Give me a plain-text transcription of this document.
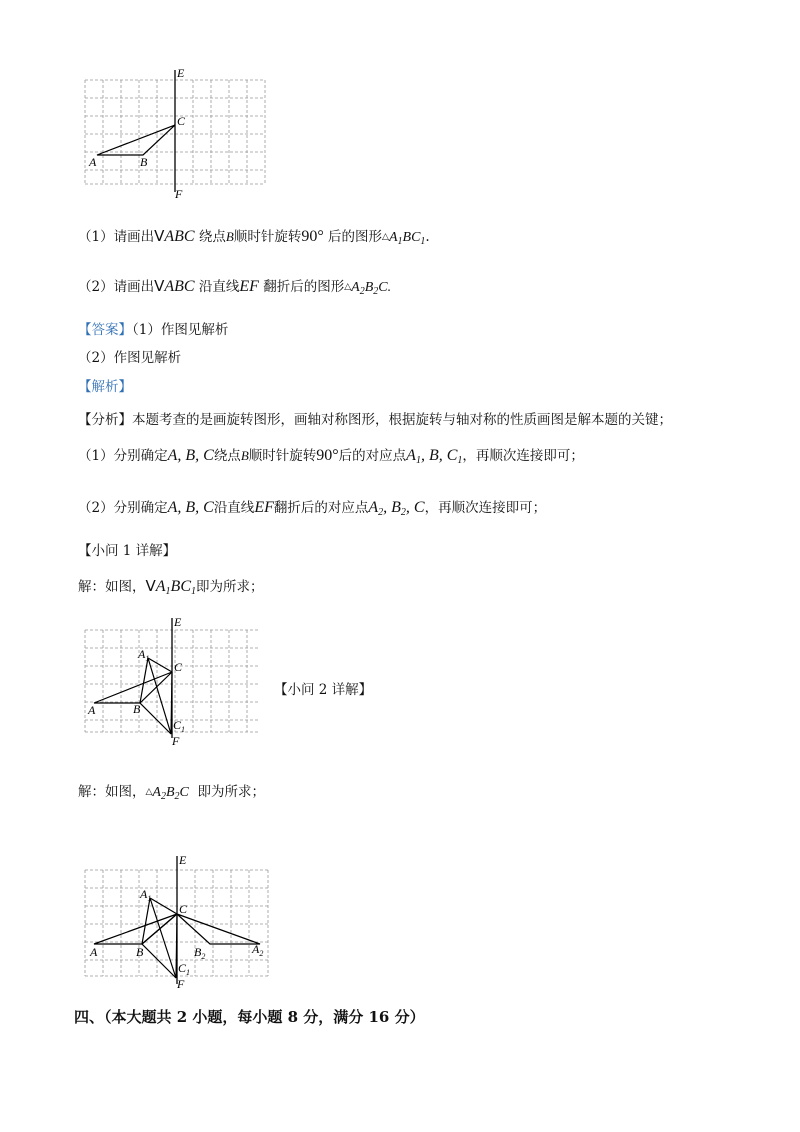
E
C
A	B
F
（1）请画出VABC 绕点B顺时针旋转90° 后的图形$\triangle A_1BC_1$.
（2）请画出VABC 沿直线EF 翻折后的图形$\triangle A_2B_2C$.
【答案】（1）作图见解析
（2）作图见解析
【解析】
【分析】本题考查的是画旋转图形，画轴对称图形，根据旋转与轴对称的性质画图是解本题的关键；
（1）分别确定A, B, C绕点B顺时针旋转90°后的对应点$A_1$, B, $C_1$，再顺次连接即可；
（2）分别确定A, B, C沿直线EF翻折后的对应点$A_2$, $B_2$, C，再顺次连接即可；
【小问 1 详解】
解：如图，$VA_1BC_1$即为所求；
E
$A_1$
C
A	B
$C_1$
F
【小问 2 详解】
解：如图，$\triangle A_2B_2C$ 即为所求；
E
$A_1$
C
A	B	$B_2$
$A_2$
$C_1$
F
四、（本大题共 2 小题，每小题 8 分，满分 16 分）
